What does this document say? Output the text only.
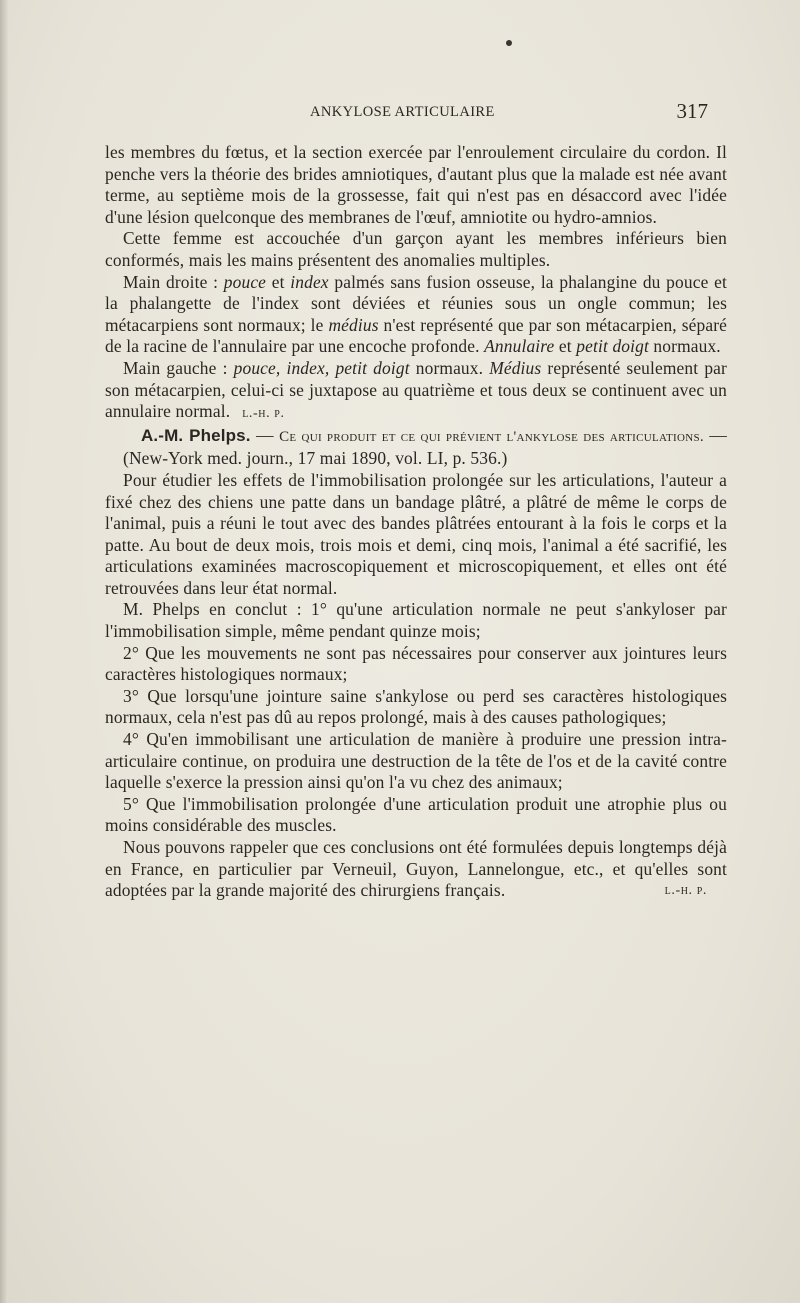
ANKYLOSE ARTICULAIRE	317

les membres du fœtus, et la section exercée par l'enroulement circulaire du cordon. Il penche vers la théorie des brides amniotiques, d'autant plus que la malade est née avant terme, au septième mois de la grossesse, fait qui n'est pas en désaccord avec l'idée d'une lésion quelconque des membranes de l'œuf, amniotite ou hydro-amnios.

Cette femme est accouchée d'un garçon ayant les membres inférieurs bien conformés, mais les mains présentent des anomalies multiples.

Main droite : pouce et index palmés sans fusion osseuse, la phalangine du pouce et la phalangette de l'index sont déviées et réunies sous un ongle commun; les métacarpiens sont normaux; le médius n'est représenté que par son métacarpien, séparé de la racine de l'annulaire par une encoche profonde. Annulaire et petit doigt normaux.

Main gauche : pouce, index, petit doigt normaux. Médius représenté seulement par son métacarpien, celui-ci se juxtapose au quatrième et tous deux se continuent avec un annulaire normal. l.-h. p.

A.-M. Phelps. — Ce qui produit et ce qui prévient l'ankylose des articulations. — (New-York med. journ., 17 mai 1890, vol. LI, p. 536.)

Pour étudier les effets de l'immobilisation prolongée sur les articulations, l'auteur a fixé chez des chiens une patte dans un bandage plâtré, a plâtré de même le corps de l'animal, puis a réuni le tout avec des bandes plâtrées entourant à la fois le corps et la patte. Au bout de deux mois, trois mois et demi, cinq mois, l'animal a été sacrifié, les articulations examinées macroscopiquement et microscopiquement, et elles ont été retrouvées dans leur état normal.

M. Phelps en conclut : 1° qu'une articulation normale ne peut s'ankyloser par l'immobilisation simple, même pendant quinze mois;

2° Que les mouvements ne sont pas nécessaires pour conserver aux jointures leurs caractères histologiques normaux;

3° Que lorsqu'une jointure saine s'ankylose ou perd ses caractères histologiques normaux, cela n'est pas dû au repos prolongé, mais à des causes pathologiques;

4° Qu'en immobilisant une articulation de manière à produire une pression intra-articulaire continue, on produira une destruction de la tête de l'os et de la cavité contre laquelle s'exerce la pression ainsi qu'on l'a vu chez des animaux;

5° Que l'immobilisation prolongée d'une articulation produit une atrophie plus ou moins considérable des muscles.

Nous pouvons rappeler que ces conclusions ont été formulées depuis longtemps déjà en France, en particulier par Verneuil, Guyon, Lannelongue, etc., et qu'elles sont adoptées par la grande majorité des chirurgiens français.	l.-h. p.
